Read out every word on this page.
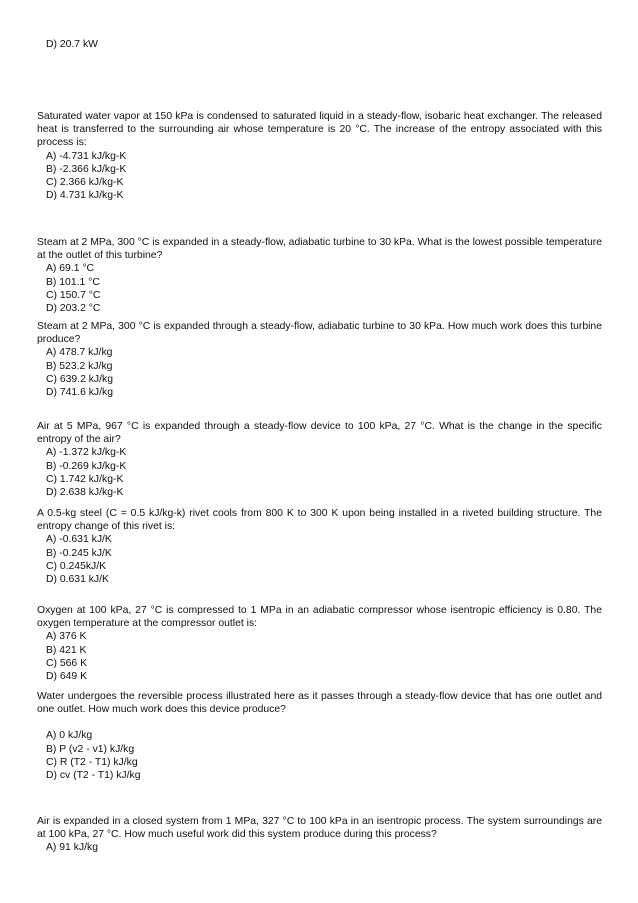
D) 20.7 kW

Saturated water vapor at 150 kPa is condensed to saturated liquid in a steady-flow, isobaric heat exchanger. The released heat is transferred to the surrounding air whose temperature is 20 °C. The increase of the entropy associated with this process is:

A) -4.731 kJ/kg-K
B) -2.366 kJ/kg-K
C) 2.366 kJ/kg-K
D) 4.731 kJ/kg-K

Steam at 2 MPa, 300 °C is expanded in a steady-flow, adiabatic turbine to 30 kPa. What is the lowest possible temperature at the outlet of this turbine?

A) 69.1 °C
B) 101.1 °C
C) 150.7 °C
D) 203.2 °C

Steam at 2 MPa, 300 °C is expanded through a steady-flow, adiabatic turbine to 30 kPa. How much work does this turbine produce?

A) 478.7 kJ/kg
B) 523.2 kJ/kg
C) 639.2 kJ/kg
D) 741.6 kJ/kg

Air at 5 MPa, 967 °C is expanded through a steady-flow device to 100 kPa, 27 °C. What is the change in the specific entropy of the air?

A) -1.372 kJ/kg-K
B) -0.269 kJ/kg-K
C) 1.742 kJ/kg-K
D) 2.638 kJ/kg-K

A 0.5-kg steel (C = 0.5 kJ/kg-k) rivet cools from 800 K to 300 K upon being installed in a riveted building structure. The entropy change of this rivet is:

A) -0.631 kJ/K
B) -0.245 kJ/K
C) 0.245kJ/K
D) 0.631 kJ/K

Oxygen at 100 kPa, 27 °C is compressed to 1 MPa in an adiabatic compressor whose isentropic efficiency is 0.80. The oxygen temperature at the compressor outlet is:

A) 376 K
B) 421 K
C) 566 K
D) 649 K

Water undergoes the reversible process illustrated here as it passes through a steady-flow device that has one outlet and one outlet. How much work does this device produce?

A) 0 kJ/kg
B) P (v2 - v1) kJ/kg
C) R (T2 - T1) kJ/kg
D) cv (T2 - T1) kJ/kg

Air is expanded in a closed system from 1 MPa, 327 °C to 100 kPa in an isentropic process. The system surroundings are at 100 kPa, 27 °C. How much useful work did this system produce during this process?

A) 91 kJ/kg
